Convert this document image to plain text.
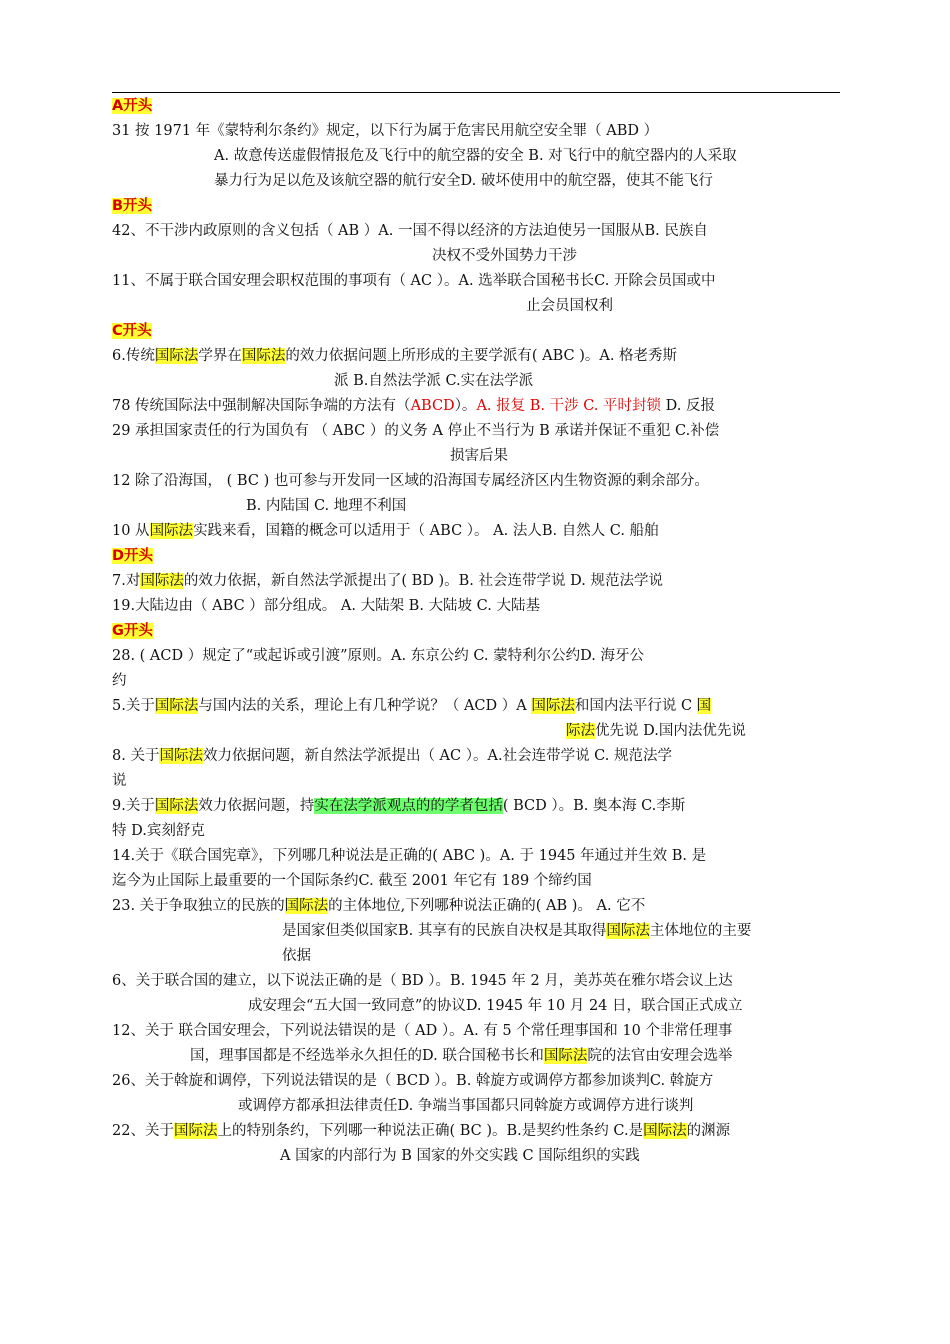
A开头
31 按 1971 年《蒙特利尔条约》规定，以下行为属于危害民用航空安全罪（ ABD ）
A. 故意传送虚假情报危及飞行中的航空器的安全 B. 对飞行中的航空器内的人采取
暴力行为足以危及该航空器的航行安全D. 破坏使用中的航空器，使其不能飞行
B开头
42、不干涉内政原则的含义包括（ AB ）A. 一国不得以经济的方法迫使另一国服从B. 民族自
决权不受外国势力干涉
11、不属于联合国安理会职权范围的事项有（ AC ）。A. 选举联合国秘书长C. 开除会员国或中
止会员国权利
C开头
6.传统国际法学界在国际法的效力依据问题上所形成的主要学派有( ABC )。A. 格老秀斯
派 B.自然法学派 C.实在法学派
78 传统国际法中强制解决国际争端的方法有（ABCD）。A. 报复 B. 干涉 C. 平时封锁 D. 反报
29 承担国家责任的行为国负有 （ ABC ）的义务 A 停止不当行为 B 承诺并保证不重犯 C.补偿
损害后果
12 除了沿海国， ( BC ) 也可参与开发同一区域的沿海国专属经济区内生物资源的剩余部分。
B. 内陆国 C. 地理不利国
10 从国际法实践来看，国籍的概念可以适用于（ ABC ）。 A. 法人B. 自然人 C. 船舶
D开头
7.对国际法的效力依据，新自然法学派提出了( BD )。B. 社会连带学说 D. 规范法学说
19.大陆边由（ ABC ）部分组成。 A. 大陆架 B. 大陆坡 C. 大陆基
G开头
28. ( ACD ）规定了“或起诉或引渡”原则。A. 东京公约 C. 蒙特利尔公约D. 海牙公
约
5.关于国际法与国内法的关系，理论上有几种学说？（ ACD ）A 国际法和国内法平行说 C 国
际法优先说 D.国内法优先说
8. 关于国际法效力依据问题，新自然法学派提出（ AC ）。A.社会连带学说 C. 规范法学
说
9.关于国际法效力依据问题，持实在法学派观点的的学者包括( BCD ）。B. 奥本海 C.李斯
特 D.宾刻舒克
14.关于《联合国宪章》，下列哪几种说法是正确的( ABC )。A. 于 1945 年通过并生效 B. 是
迄今为止国际上最重要的一个国际条约C. 截至 2001 年它有 189 个缔约国
23. 关于争取独立的民族的国际法的主体地位,下列哪种说法正确的( AB )。 A. 它不
是国家但类似国家B. 其享有的民族自决权是其取得国际法主体地位的主要
依据
6、关于联合国的建立，以下说法正确的是（ BD ）。B. 1945 年 2 月，美苏英在雅尔塔会议上达
成安理会“五大国一致同意”的协议D. 1945 年 10 月 24 日，联合国正式成立
12、关于 联合国安理会，下列说法错误的是（ AD ）。A. 有 5 个常任理事国和 10 个非常任理事
国，理事国都是不经选举永久担任的D. 联合国秘书长和国际法院的法官由安理会选举
26、关于斡旋和调停，下列说法错误的是（ BCD ）。B. 斡旋方或调停方都参加谈判C. 斡旋方
或调停方都承担法律责任D. 争端当事国都只同斡旋方或调停方进行谈判
22、关于国际法上的特别条约，下列哪一种说法正确( BC )。B.是契约性条约 C.是国际法的渊源
A 国家的内部行为 B 国家的外交实践 C 国际组织的实践
